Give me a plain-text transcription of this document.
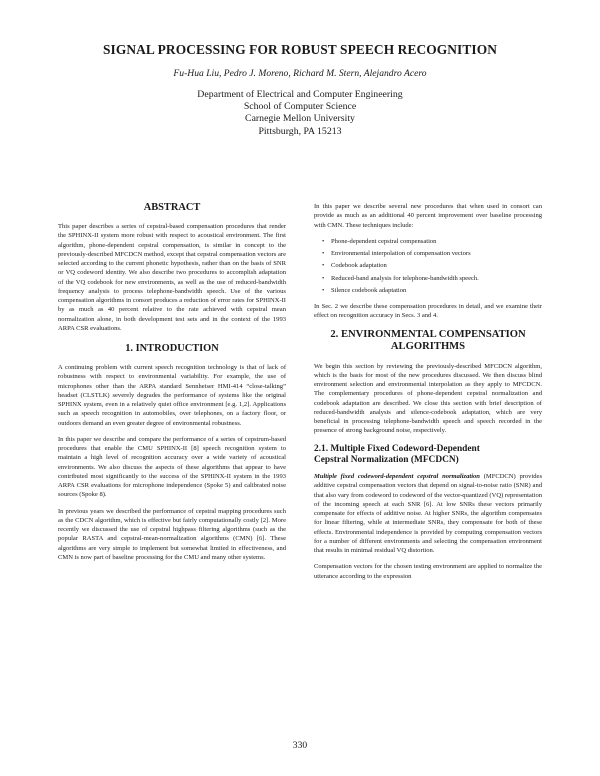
SIGNAL PROCESSING FOR ROBUST SPEECH RECOGNITION
Fu-Hua Liu, Pedro J. Moreno, Richard M. Stern, Alejandro Acero
Department of Electrical and Computer Engineering
School of Computer Science
Carnegie Mellon University
Pittsburgh, PA 15213
ABSTRACT

This paper describes a series of cepstral-based compensation procedures that render the SPHINX-II system more robust with respect to acoustical environment. The first algorithm, phone-dependent cepstral compensation, is similar in concept to the previously-described MFCDCN method, except that cepstral compensation vectors are selected according to the current phonetic hypothesis, rather than on the basis of SNR or VQ codeword identity. We also describe two procedures to accomplish adaptation of the VQ codebook for new environments, as well as the use of reduced-bandwidth frequency analysis to process telephone-bandwidth speech. Use of the various compensation algorithms in consort produces a reduction of error rates for SPHINX-II by as much as 40 percent relative to the rate achieved with cepstral mean normalization alone, in both development test sets and in the context of the 1993 ARPA CSR evaluations.

1. INTRODUCTION

A continuing problem with current speech recognition technology is that of lack of robustness with respect to environmental variability. For example, the use of microphones other than the ARPA standard Sennheiser HMI-414 “close-talking” headset (CLSTLK) severely degrades the performance of systems like the original SPHINX system, even in a relatively quiet office environment [e.g. 1,2]. Applications such as speech recognition in automobiles, over telephones, on a factory floor, or outdoors demand an even greater degree of environmental robustness.

In this paper we describe and compare the performance of a series of cepstrum-based procedures that enable the CMU SPHINX-II [8] speech recognition system to maintain a high level of recognition accuracy over a wide variety of acoustical environments. We also discuss the aspects of these algorithms that appear to have contributed most significantly to the success of the SPHINX-II system in the 1993 ARPA CSR evaluations for microphone independence (Spoke 5) and calibrated noise sources (Spoke 8).

In previous years we described the performance of cepstral mapping procedures such as the CDCN algorithm, which is effective but fairly computationally costly [2]. More recently we discussed the use of cepstral highpass filtering algorithms (such as the popular RASTA and cepstral-mean-normalization algorithms (CMN) [6]. These algorithms are very simple to implement but somewhat limited in effectiveness, and CMN is now part of baseline processing for the CMU and many other systems.

In this paper we describe several new procedures that when used in consort can provide as much as an additional 40 percent improvement over baseline processing with CMN. These techniques include:

• Phone-dependent cepstral compensation
• Environmental interpolation of compensation vectors
• Codebook adaptation
• Reduced-band analysis for telephone-bandwidth speech.
• Silence codebook adaptation

In Sec. 2 we describe these compensation procedures in detail, and we examine their effect on recognition accuracy in Secs. 3 and 4.

2. ENVIRONMENTAL COMPENSATION
ALGORITHMS

We begin this section by reviewing the previously-described MFCDCN algorithm, which is the basis for most of the new procedures discussed. We then discuss blind environment selection and environmental interpolation as they apply to MFCDCN. The complementary procedures of phone-dependent cepstral normalization and codebook adaptation are described. We close this section with brief description of reduced-bandwidth analysis and silence-codebook adaptation, which are very beneficial in processing telephone-bandwidth speech and speech recorded in the presence of strong background noise, respectively.

2.1. Multiple Fixed Codeword-Dependent
Cepstral Normalization (MFCDCN)

Multiple fixed codeword-dependent cepstral normalization (MFCDCN) provides additive cepstral compensation vectors that depend on signal-to-noise ratio (SNR) and that also vary from codeword to codeword of the vector-quantized (VQ) representation of the incoming speech at each SNR [6]. At low SNRs these vectors primarily compensate for effects of additive noise. At higher SNRs, the algorithm compensates for linear filtering, while at intermediate SNRs, they compensate for both of these effects. Environmental independence is provided by computing compensation vectors for a number of different environments and selecting the compensation environment that results in minimal residual VQ distortion.

Compensation vectors for the chosen testing environment are applied to normalize the utterance according to the expression

330
